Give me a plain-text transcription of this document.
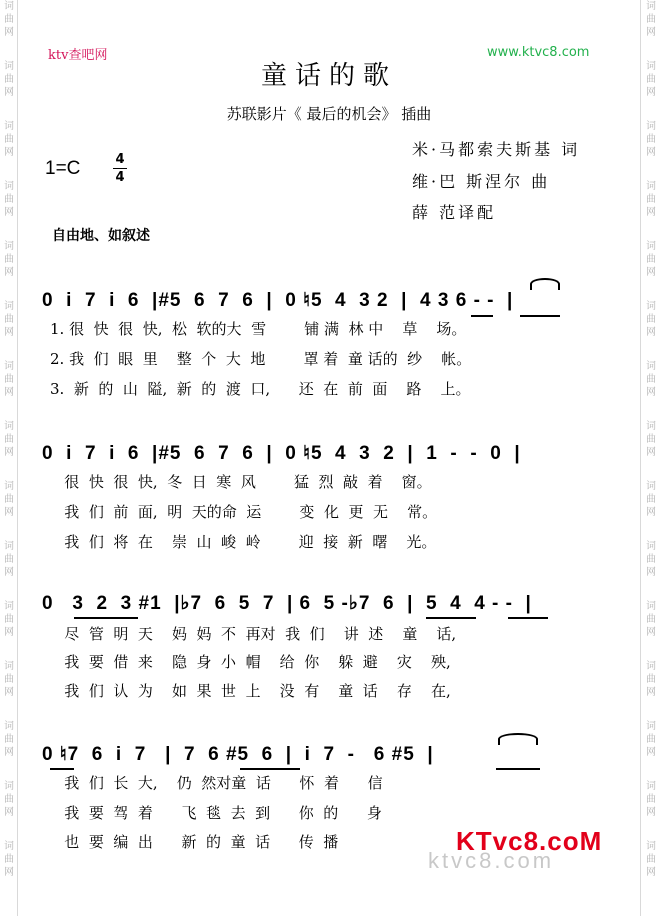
词
曲
网
词
曲
网
词
曲
网
词
曲
网
词
曲
网
词
曲
网
词
曲
网
词
曲
网
词
曲
网
词
曲
网
词
曲
网
词
曲
网
词
曲
网
词
曲
网
词
曲
网
词
曲
网
词
曲
网
词
曲
网
词
曲
网
词
曲
网
词
曲
网
词
曲
网
词
曲
网
词
曲
网
词
曲
网
词
曲
网
词
曲
网
词
曲
网
词
曲
网
词
曲
网
ktv查吧网	www.ktvc8.com
童话的歌
苏联影片《 最后的机会》 插曲
米·马都索夫斯基 词
维·巴 斯涅尔 曲
薛 范译配
1=C	4
4
自由地、如叙述
0  i  7  i  6  |#5  6  7  6  |  0 ♮5  4  3 2  |  4 3 6 - -  |
1. 很  快  很  快,  松  软的大  雪        铺 满  林 中    草    场。
2. 我  们  眼  里    整  个  大  地        罩 着  童 话的  纱    帐。
3.  新  的  山  隘,  新  的  渡  口,      还  在  前  面    路    上。
0  i  7  i  6  |#5  6  7  6  |  0 ♮5  4  3  2  |  1  -  -  0  |
很  快  很  快,  冬  日  寒  风        猛  烈  敲  着    窗。
我  们  前  面,  明  天的命  运        变  化  更  无    常。
我  们  将  在    崇  山  峻  岭        迎  接  新  曙    光。
0   3  2  3 #1  |♭7  6  5  7  | 6  5 -♭7  6  |  5  4  4 - -  |
尽  管  明  天    妈  妈  不  再对  我  们    讲  述    童    话,
我  要  借  来    隐  身  小  帽    给  你    躲  避    灾    殃,
我  们  认  为    如  果  世  上    没  有    童  话    存    在,
0 ♮7  6  i  7   |  7  6 #5  6  |  i  7  -   6 #5  |
我  们  长  大,    仍  然对童  话      怀  着      信
我  要  驾  着      飞  毯  去  到      你  的      身
也  要  编  出      新  的  童  话      传  播
ktvc8.com
KTvc8.coM
